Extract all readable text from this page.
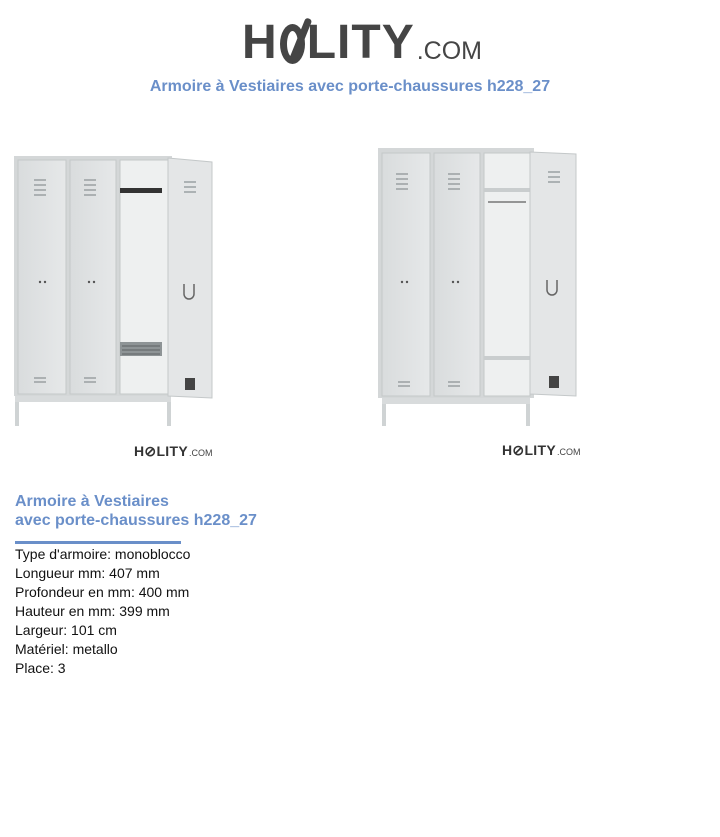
H LITY .COM
Armoire à Vestiaires avec porte-chaussures h228_27
H ⊘ LITY .COM	H ⊘ LITY .COM
Armoire à Vestiaires
avec porte-chaussures h228_27
Type d'armoire: monoblocco
Longueur mm: 407 mm
Profondeur en mm: 400 mm
Hauteur en mm: 399 mm
Largeur: 101 cm
Matériel: metallo
Place: 3
